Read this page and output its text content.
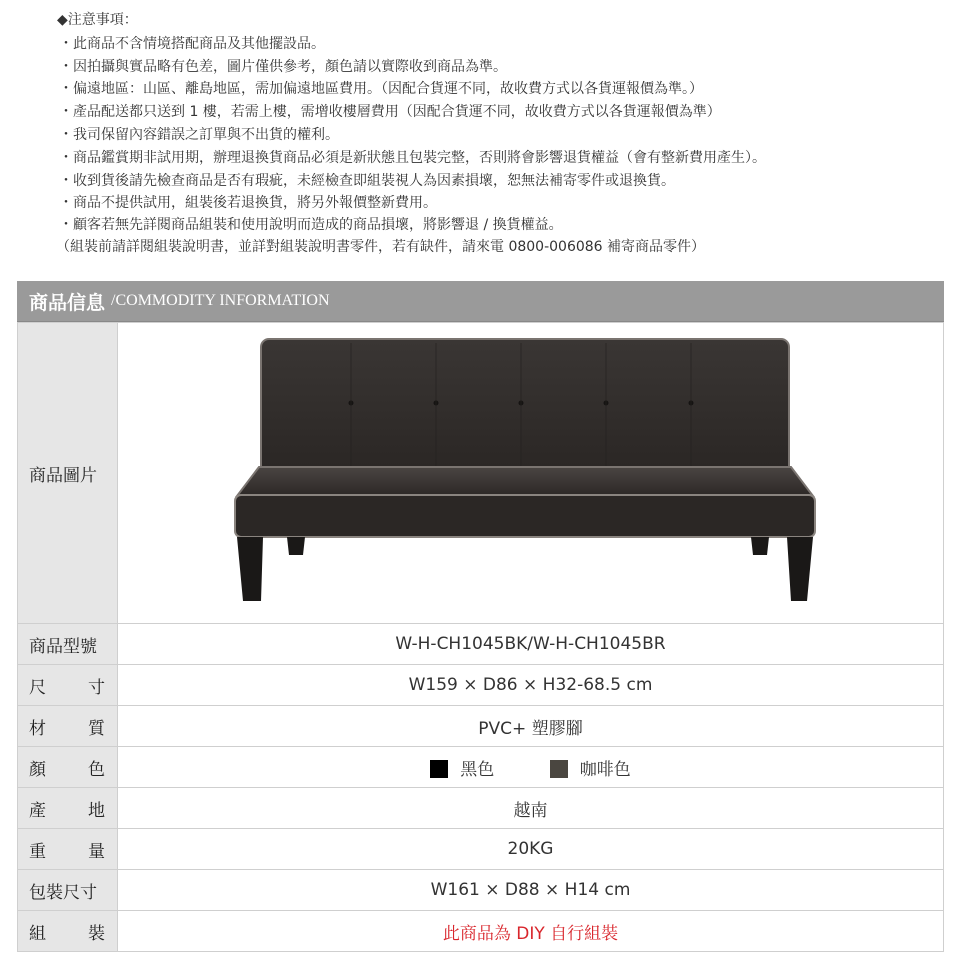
◆注意事項：
・此商品不含情境搭配商品及其他擺設品。
・因拍攝與實品略有色差，圖片僅供參考，顏色請以實際收到商品為準。
・偏遠地區：山區、離島地區，需加偏遠地區費用。（因配合貨運不同，故收費方式以各貨運報價為準。）
・產品配送都只送到 1 樓，若需上樓，需增收樓層費用（因配合貨運不同，故收費方式以各貨運報價為準）
・我司保留內容錯誤之訂單與不出貨的權利。
・商品鑑賞期非試用期，辦理退換貨商品必須是新狀態且包裝完整，否則將會影響退貨權益（會有整新費用產生）。
・收到貨後請先檢查商品是否有瑕疵，未經檢查即組裝視人為因素損壞，恕無法補寄零件或退換貨。
・商品不提供試用，組裝後若退換貨，將另外報價整新費用。
・顧客若無先詳閱商品組裝和使用說明而造成的商品損壞，將影響退 / 換貨權益。
（組裝前請詳閱組裝說明書，並詳對組裝說明書零件，若有缺件，請來電 0800-006086 補寄商品零件）
商品信息 /COMMODITY INFORMATION
商品圖片	

商品型號	W-H-CH1045BK/W-H-CH1045BR

尺 寸	W159 × D86 × H32-68.5 cm

材 質	PVC+ 塑膠腳

顏 色	黑色 咖啡色

產 地	越南

重 量	20KG
包裝尺寸	W161 × D88 × H14 cm

組 裝	此商品為 DIY 自行組裝
